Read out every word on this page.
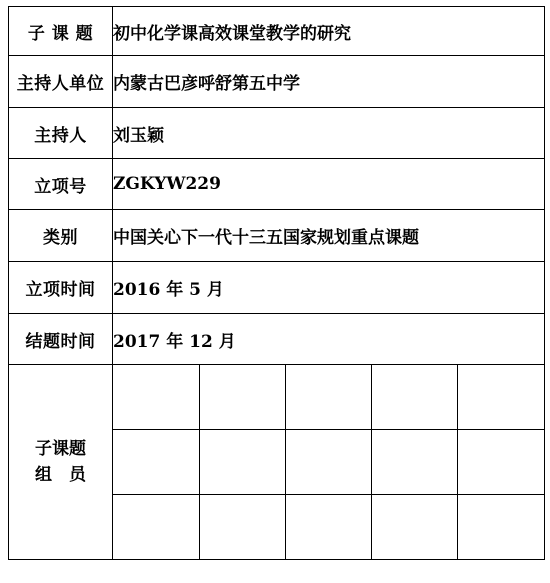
子 课 题	初中化学课高效课堂教学的研究
主持人单位	内蒙古巴彦呼舒第五中学
主持人	刘玉颖
立项号	ZGKYW229
类别	中国关心下一代十三五国家规划重点课题
立项时间	2016 年 5 月
结题时间	2017 年 12 月

子课题
组　员
